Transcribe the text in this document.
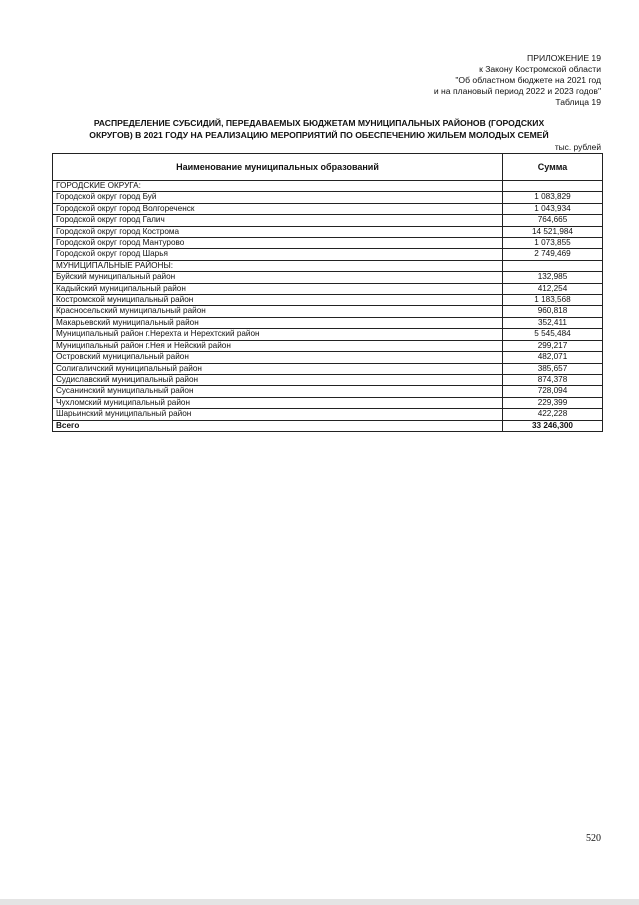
ПРИЛОЖЕНИЕ 19
к Закону Костромской области
"Об областном бюджете на 2021 год
и на плановый период 2022 и 2023 годов"
Таблица 19
РАСПРЕДЕЛЕНИЕ СУБСИДИЙ, ПЕРЕДАВАЕМЫХ БЮДЖЕТАМ МУНИЦИПАЛЬНЫХ РАЙОНОВ (ГОРОДСКИХ
ОКРУГОВ) В 2021 ГОДУ НА РЕАЛИЗАЦИЮ МЕРОПРИЯТИЙ ПО ОБЕСПЕЧЕНИЮ ЖИЛЬЕМ МОЛОДЫХ СЕМЕЙ
тыс. рублей
Наименование муниципальных образований	Сумма
ГОРОДСКИЕ ОКРУГА:	
Городской округ город Буй	1 083,829
Городской округ город Волгореченск	1 043,934
Городской округ город Галич	764,665
Городской округ город Кострома	14 521,984
Городской округ город Мантурово	1 073,855
Городской округ город Шарья	2 749,469
МУНИЦИПАЛЬНЫЕ РАЙОНЫ:	
Буйский муниципальный район	132,985
Кадыйский муниципальный район	412,254
Костромской муниципальный район	1 183,568
Красносельский муниципальный район	960,818
Макарьевский муниципальный район	352,411
Муниципальный район г.Нерехта и Нерехтский район	5 545,484
Муниципальный район г.Нея и Нейский район	299,217
Островский муниципальный район	482,071
Солигаличский муниципальный район	385,657
Судиславский муниципальный район	874,378
Сусанинский муниципальный район	728,094
Чухломский муниципальный район	229,399
Шарьинский муниципальный район	422,228
Всего	33 246,300
520
